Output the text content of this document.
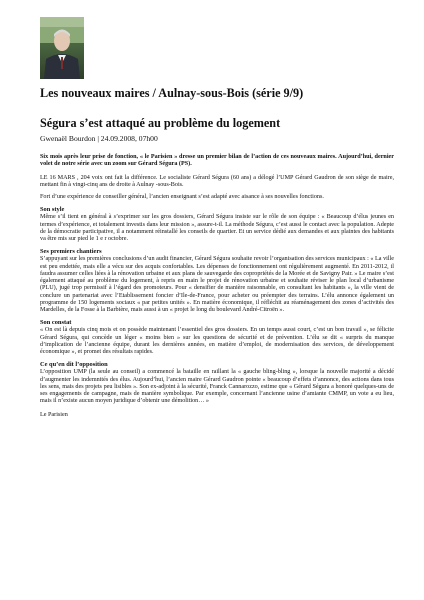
Les nouveaux maires / Aulnay-sous-Bois (série 9/9)
Ségura s’est attaqué au problème du logement
Gwenaël Bourdon | 24.09.2008, 07h00

Six mois après leur prise de fonction, « le Parisien » dresse un premier bilan de l’action de ces nouveaux maires. Aujourd’hui, dernier volet de notre série avec un zoom sur Gérard Ségura (PS).

LE 16 MARS , 204 voix ont fait la différence. Le socialiste Gérard Ségura (60 ans) a délogé l’UMP Gérard Gaudron de son siège de maire, mettant fin à vingt-cinq ans de droite à Aulnay -sous-Bois.

Fort d’une expérience de conseiller général, l’ancien enseignant s’est adapté avec aisance à ses nouvelles fonctions.

Son style

Même s’il tient en général à s’exprimer sur les gros dossiers, Gérard Ségura insiste sur le rôle de son équipe : « Beaucoup d’élus jeunes en termes d’expérience, et totalement investis dans leur mission », assure-t-il. La méthode Ségura, c’est aussi le contact avec la population. Adepte de la démocratie participative, il a notamment réinstallé les conseils de quartier. Et un service dédié aux demandes et aux plaintes des habitants va être mis sur pied le 1 e r octobre.

Ses premiers chantiers

S’appuyant sur les premières conclusions d’un audit financier, Gérard Ségura souhaite revoir l’organisation des services municipaux : « La ville est peu endettée, mais elle a vécu sur des acquis confortables. Les dépenses de fonctionnement ont régulièrement augmenté. En 2011-2012, il faudra assumer celles liées à la rénovation urbaine et aux plans de sauvegarde des copropriétés de la Morée et de Savigny Pair. » Le maire s’est également attaqué au problème du logement, à repris en main le projet de rénovation urbaine et souhaite réviser le plan local d’urbanisme (PLU), jugé trop permissif à l’égard des promoteurs. Pour « densifier de manière raisonnable, en consultant les habitants », la ville vient de conclure un partenariat avec l’Etablissement foncier d’Ile-de-France, pour acheter ou préempter des terrains. L’élu annonce également un programme de 150 logements sociaux « par petites unités ». En matière économique, il réfléchit au réaménagement des zones d’activités des Mardelles, de la Fosse à la Barbière, mais aussi à un « projet le long du boulevard André-Citroën ».

Son constat

« On est là depuis cinq mois et on possède maintenant l’essentiel des gros dossiers. En un temps aussi court, c’est un bon travail », se félicite Gérard Ségura, qui concède un léger « moins bien » sur les questions de sécurité et de prévention. L’élu se dit « surpris du manque d’implication de l’ancienne équipe, durant les dernières années, en matière d’emploi, de modernisation des services, de développement économique », et promet des résultats rapides.

Ce qu’en dit l’opposition

L’opposition UMP (la seule au conseil) a commencé la bataille en raillant la « gauche bling-bling », lorsque la nouvelle majorité a décidé d’augmenter les indemnités des élus. Aujourd’hui, l’ancien maire Gérard Gaudron pointe « beaucoup d’effets d’annonce, des actions dans tous les sens, mais des projets peu lisibles ». Son ex-adjoint à la sécurité, Franck Cannarozzo, estime que « Gérard Ségura a honoré quelques-uns de ses engagements de campagne, mais de manière symbolique. Par exemple, concernant l’ancienne usine d’amiante CMMP, un vote a eu lieu, mais il n’existe aucun moyen juridique d’obtenir une démolition… »

Le Parisien
